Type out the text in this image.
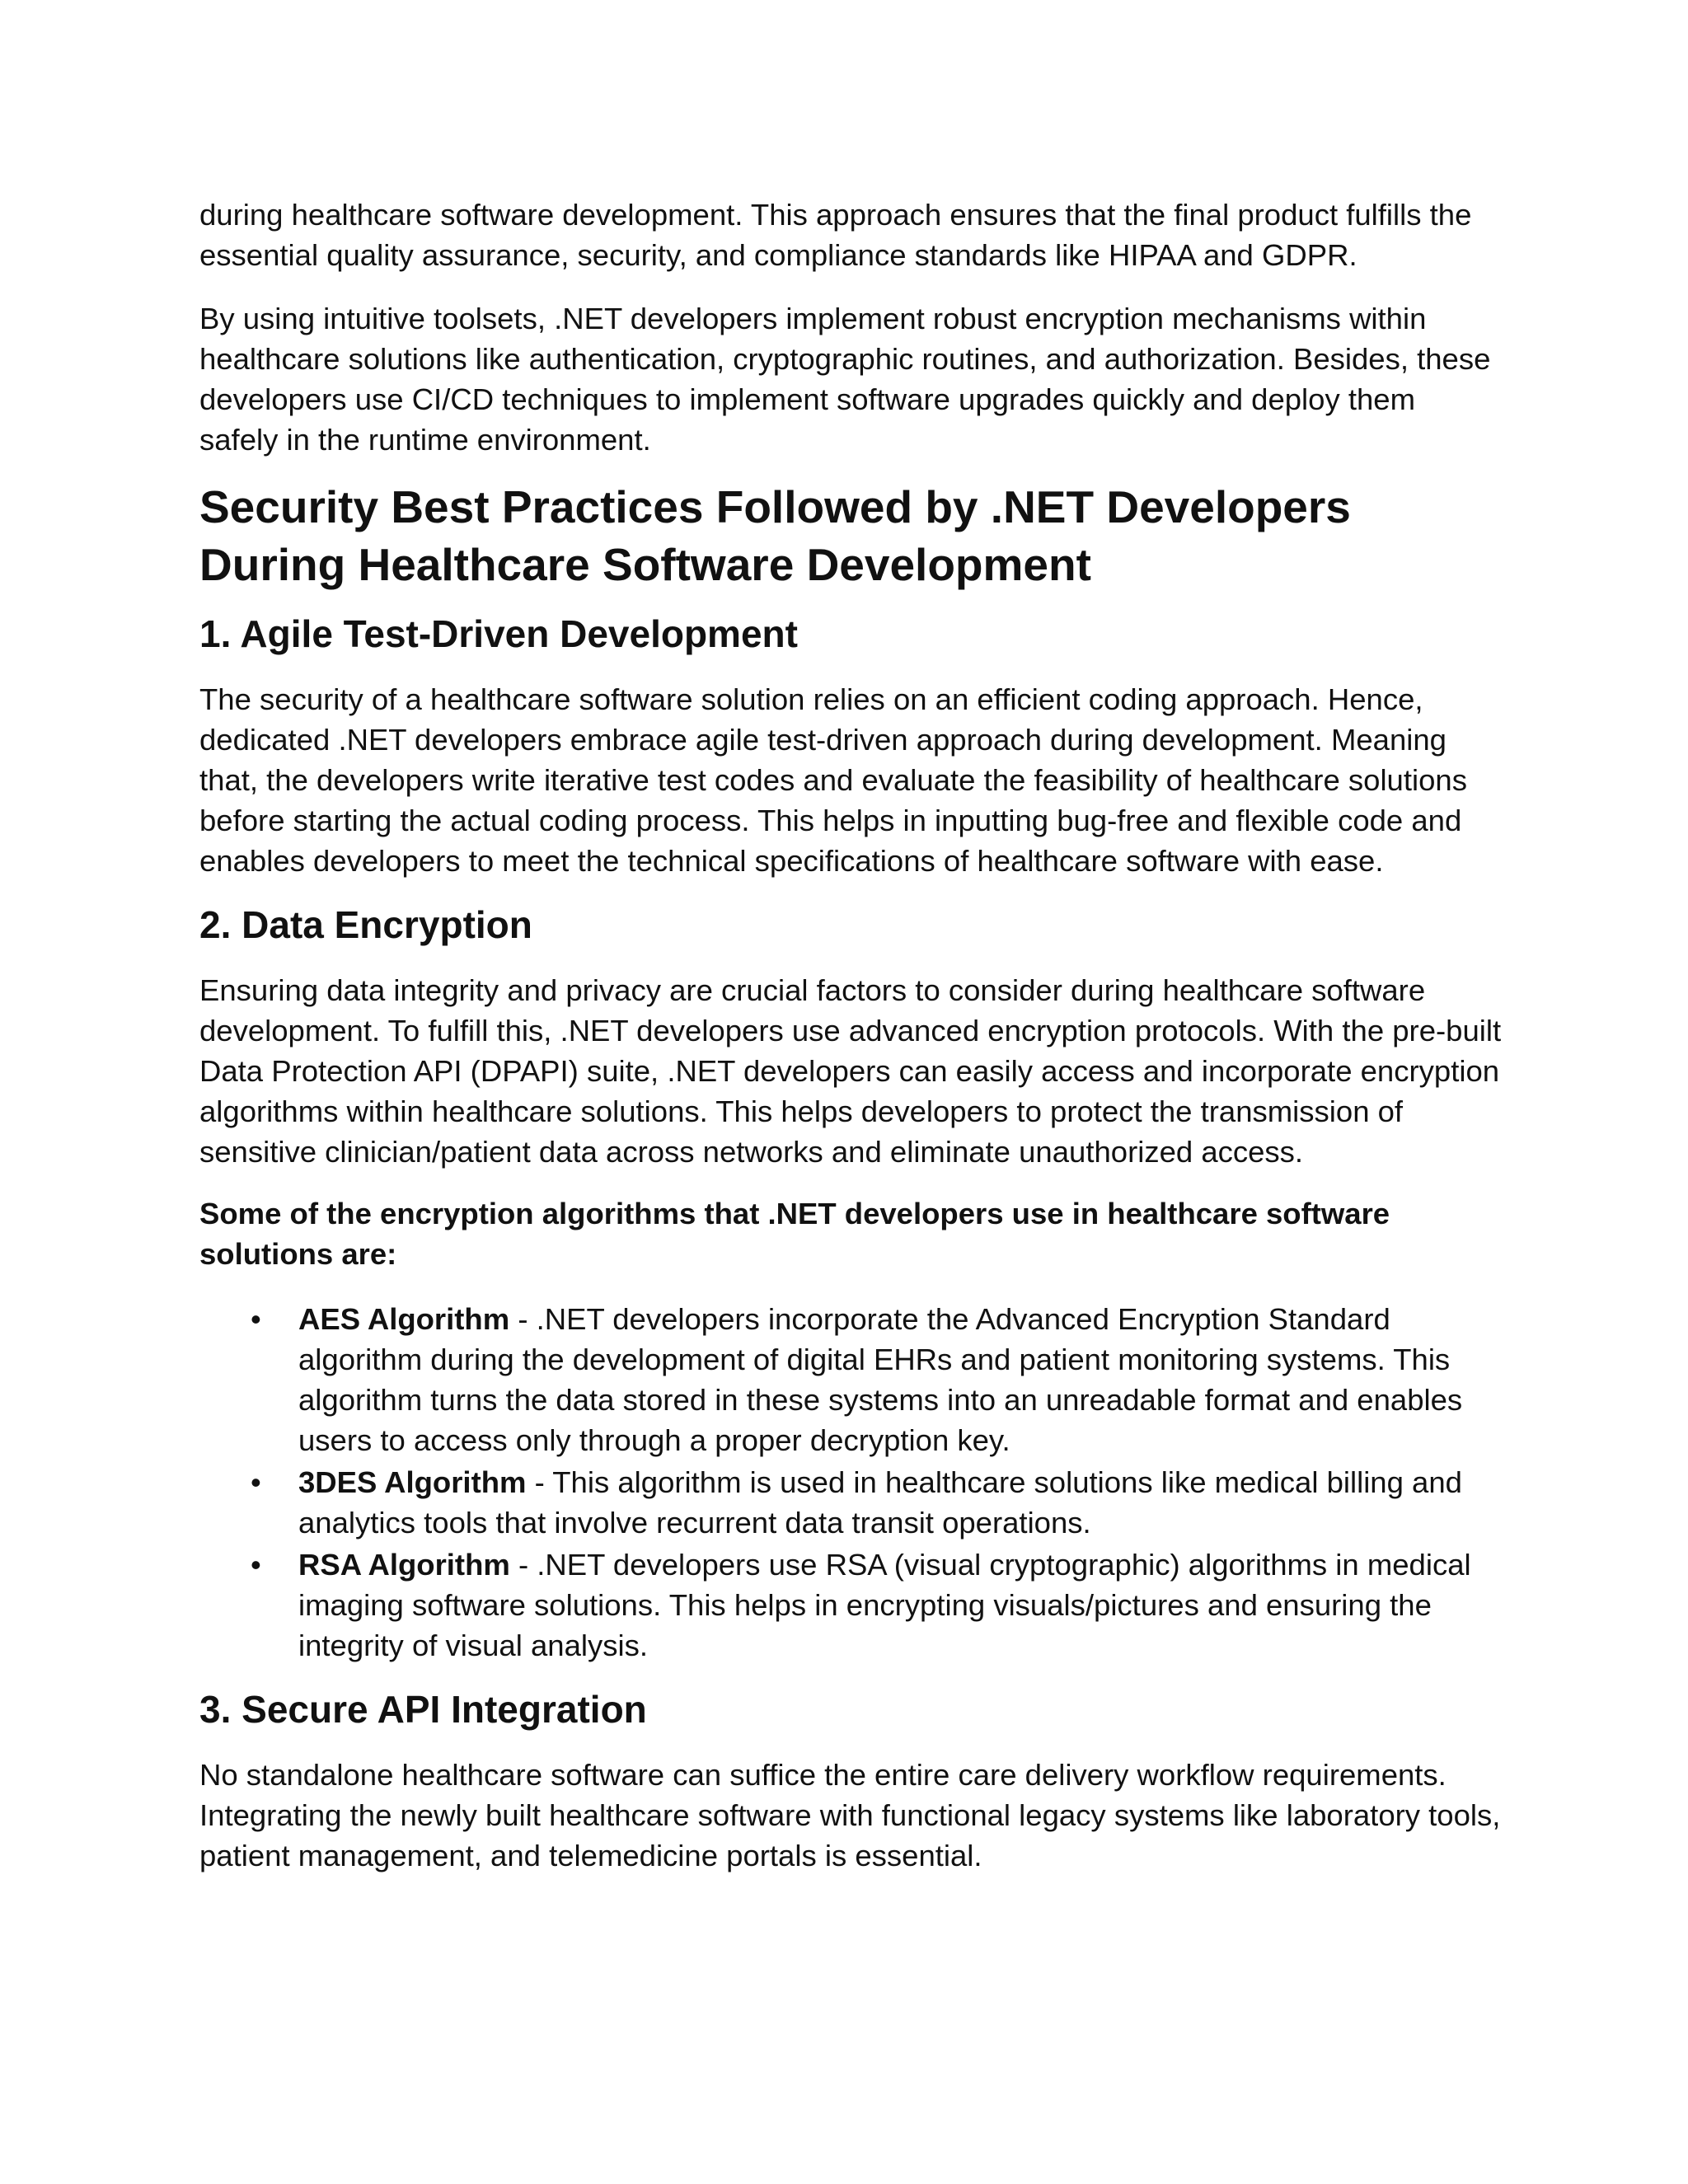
during healthcare software development. This approach ensures that the final product fulfills the essential quality assurance, security, and compliance standards like HIPAA and GDPR.

By using intuitive toolsets, .NET developers implement robust encryption mechanisms within healthcare solutions like authentication, cryptographic routines, and authorization. Besides, these developers use CI/CD techniques to implement software upgrades quickly and deploy them safely in the runtime environment.

Security Best Practices Followed by .NET Developers During Healthcare Software Development
1. Agile Test-Driven Development

The security of a healthcare software solution relies on an efficient coding approach. Hence, dedicated .NET developers embrace agile test-driven approach during development. Meaning that, the developers write iterative test codes and evaluate the feasibility of healthcare solutions before starting the actual coding process. This helps in inputting bug-free and flexible code and enables developers to meet the technical specifications of healthcare software with ease.

2. Data Encryption

Ensuring data integrity and privacy are crucial factors to consider during healthcare software development. To fulfill this, .NET developers use advanced encryption protocols. With the pre-built Data Protection API (DPAPI) suite, .NET developers can easily access and incorporate encryption algorithms within healthcare solutions. This helps developers to protect the transmission of sensitive clinician/patient data across networks and eliminate unauthorized access.

Some of the encryption algorithms that .NET developers use in healthcare software solutions are:

• AES Algorithm - .NET developers incorporate the Advanced Encryption Standard algorithm during the development of digital EHRs and patient monitoring systems. This algorithm turns the data stored in these systems into an unreadable format and enables users to access only through a proper decryption key.
• 3DES Algorithm - This algorithm is used in healthcare solutions like medical billing and analytics tools that involve recurrent data transit operations.
• RSA Algorithm - .NET developers use RSA (visual cryptographic) algorithms in medical imaging software solutions. This helps in encrypting visuals/pictures and ensuring the integrity of visual analysis.
3. Secure API Integration

No standalone healthcare software can suffice the entire care delivery workflow requirements. Integrating the newly built healthcare software with functional legacy systems like laboratory tools, patient management, and telemedicine portals is essential.
